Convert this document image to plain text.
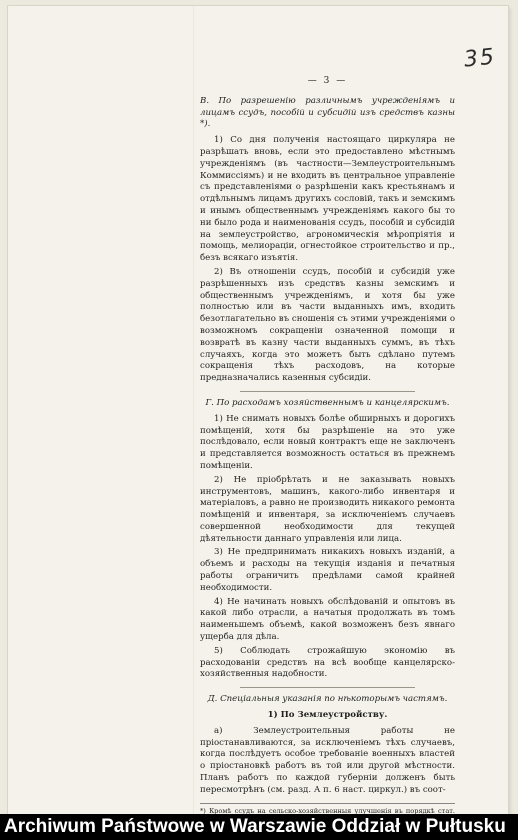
35
— 3 —
В. По разрешенію различнымъ учрежденіямъ и лицамъ ссудъ, пособій и субсидій изъ средствъ казны *).

1) Со дня полученія настоящаго циркуляра не разрѣшать вновь, если это предоставлено мѣстнымъ учрежденіямъ (въ частности—Землеустроительнымъ Коммиссіямъ) и не входить въ центральное управленіе съ представленіями о разрѣшеніи какъ крестьянамъ и отдѣльнымъ лицамъ другихъ сословій, такъ и земскимъ и инымъ общественнымъ учрежденіямъ какого бы то ни было рода и наименованія ссудъ, пособій и субсидій на землеустройство, агрономическія мѣропріятія и помощь, мелиораціи, огнестойкое строительство и пр., безъ всякаго изъятія.

2) Въ отношеніи ссудъ, пособій и субсидій уже разрѣшенныхъ изъ средствъ казны земскимъ и общественнымъ учрежденіямъ, и хотя бы уже полностью или въ части выданныхъ имъ, входить безотлагательно въ сношенія съ этими учрежденіями о возможномъ сокращеніи означенной помощи и возвратѣ въ казну части выданныхъ суммъ, въ тѣхъ случаяхъ, когда это можетъ быть сдѣлано путемъ сокращенія тѣхъ расходовъ, на которые предназначались казенныя субсидіи.

Г. По расходамъ хозяйственнымъ и канцелярскимъ.

1) Не снимать новыхъ болѣе обширныхъ и дорогихъ помѣщеній, хотя бы разрѣшеніе на это уже послѣдовало, если новый контрактъ еще не заключенъ и представляется возможность остаться въ прежнемъ помѣщеніи.

2) Не пріобрѣтать и не заказывать новыхъ инструментовъ, машинъ, какого-либо инвентаря и матеріаловъ, а равно не производить никакого ремонта помѣщеній и инвентаря, за исключеніемъ случаевъ совершенной необходимости для текущей дѣятельности даннаго управленія или лица.

3) Не предпринимать никакихъ новыхъ изданій, а объемъ и расходы на текущія изданія и печатныя работы ограничить предѣлами самой крайней необходимости.

4) Не начинать новыхъ обслѣдованій и опытовъ въ какой либо отрасли, а начатыя продолжать въ томъ наименьшемъ объемѣ, какой возможенъ безъ явнаго ущерба для дѣла.

5) Соблюдать строжайшую экономію въ расходованіи средствъ на всѣ вообще канцелярско-хозяйственныя надобности.

Д. Спеціальныя указанія по нѣкоторымъ частямъ.
1) По Землеустройству.

а) Землеустроительныя работы не пріостанавливаются, за исключеніемъ тѣхъ случаевъ, когда послѣдуетъ особое требованіе военныхъ властей о пріостановкѣ работъ въ той или другой мѣстности. Планъ работъ по каждой губерніи долженъ быть пересмотрѣнъ (см. разд. А п. 6 наст. циркул.) въ соот-

*) Кромѣ ссудъ на сельско-хозяйственныя улучшенія въ порядкѣ стат.
Archiwum Państwowe w Warszawie Oddział w Pułtusku
